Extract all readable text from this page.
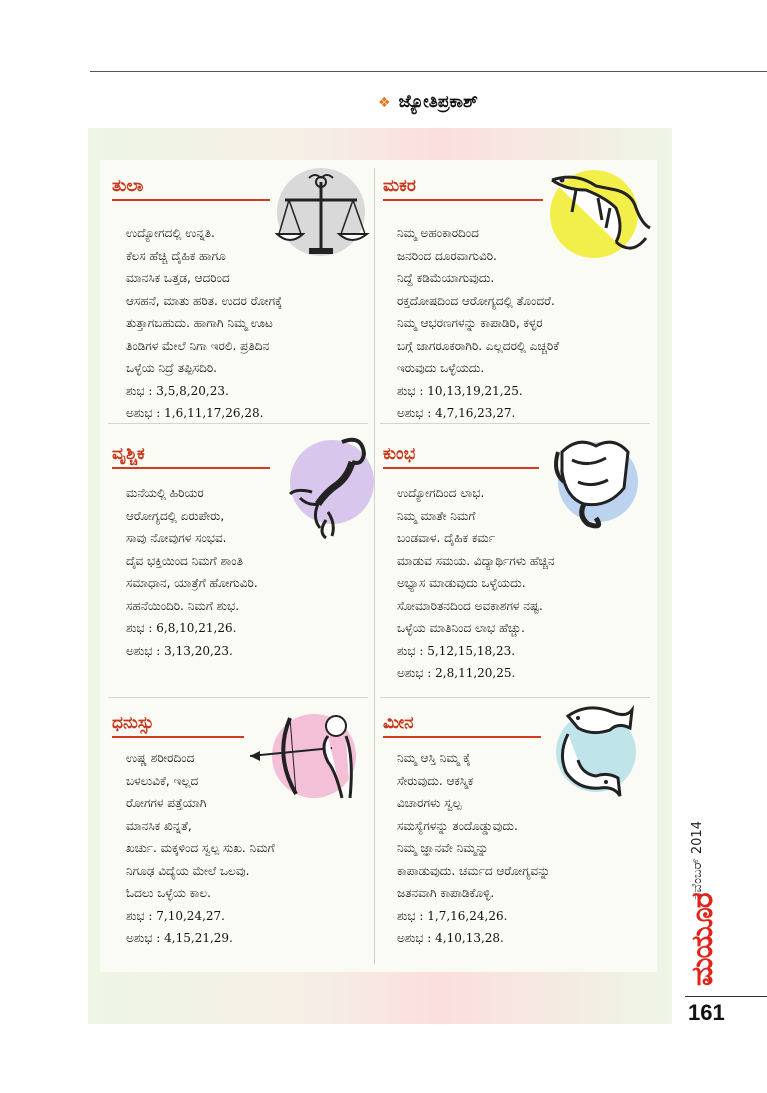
❖ ಜ್ಯೋತಿಪ್ರಕಾಶ್
ತುಲಾ
ಉದ್ಯೋಗದಲ್ಲಿ ಉನ್ನತಿ.
ಕೆಲಸ ಹೆಚ್ಚಿ ದೈಹಿಕ ಹಾಗೂ
ಮಾನಸಿಕ ಒತ್ತಡ, ಆದರಿಂದ
ಆಸಹನೆ, ಮಾತು ಹರಿತ. ಉದರ ರೋಗಕ್ಕೆ
ತುತ್ತಾಗಬಹುದು. ಹಾಗಾಗಿ ನಿಮ್ಮ ಊಟ
ತಿಂಡಿಗಳ ಮೇಲೆ ನಿಗಾ ಇರಲಿ. ಪ್ರತಿದಿನ
ಒಳ್ಳೆಯ ನಿದ್ರೆ ತಪ್ಪಿಸದಿರಿ.
ಶುಭ : 3,5,8,20,23.
ಅಶುಭ : 1,6,11,17,26,28.
ಮಕರ
ನಿಮ್ಮ ಅಹಂಕಾರದಿಂದ
ಜನರಿಂದ ದೂರವಾಗುವಿರಿ.
ನಿದ್ದೆ ಕಡಿಮೆಯಾಗುವುದು.
ರಕ್ತದೋಷದಿಂದ ಆರೋಗ್ಯದಲ್ಲಿ ತೊಂದರೆ.
ನಿಮ್ಮ ಆಭರಣಗಳನ್ನು ಕಾಪಾಡಿರಿ, ಕಳ್ಳರ
ಬಗ್ಗೆ ಜಾಗರೂಕರಾಗಿರಿ. ಎಲ್ಲದರಲ್ಲಿ ಎಚ್ಚರಿಕೆ
ಇರುವುದು ಒಳ್ಳೆಯದು.
ಶುಭ : 10,13,19,21,25.
ಅಶುಭ : 4,7,16,23,27.
ವೃಶ್ಚಿಕ
ಮನೆಯಲ್ಲಿ ಹಿರಿಯರ
ಆರೋಗ್ಯದಲ್ಲಿ ಏರುಪೇರು,
ಸಾವು ನೋವುಗಳ ಸಂಭವ.
ದೈವ ಭಕ್ತಿಯಿಂದ ನಿಮಗೆ ಶಾಂತಿ
ಸಮಾಧಾನ, ಯಾತ್ರೆಗೆ ಹೋಗುವಿರಿ.
ಸಹನೆಯಿಂದಿರಿ. ನಿಮಗೆ ಶುಭ.
ಶುಭ : 6,8,10,21,26.
ಅಶುಭ : 3,13,20,23.
ಕುಂಭ
ಉದ್ಯೋಗದಿಂದ ಲಾಭ.
ನಿಮ್ಮ ಮಾತೇ ನಿಮಗೆ
ಬಂಡವಾಳ. ದೈಹಿಕ ಕರ್ಮ
ಮಾಡುವ ಸಮಯ. ವಿದ್ಯಾರ್ಥಿಗಳು ಹೆಚ್ಚಿನ
ಅಭ್ಯಾಸ ಮಾಡುವುದು ಒಳ್ಳೆಯದು.
ಸೋಮಾರಿತನದಿಂದ ಅವಕಾಶಗಳ ನಷ್ಟ.
ಒಳ್ಳೆಯ ಮಾತಿನಿಂದ ಲಾಭ ಹೆಚ್ಚು.
ಶುಭ : 5,12,15,18,23.
ಅಶುಭ : 2,8,11,20,25.
ಧನುಸ್ಸು
ಉಷ್ಣ ಶರೀರದಿಂದ
ಬಳಲುವಿಕೆ, ಇಲ್ಲದ
ರೋಗಗಳ ಪತ್ತೆಯಾಗಿ
ಮಾನಸಿಕ ಖಿನ್ನತೆ,
ಖರ್ಚು. ಮಕ್ಕಳಿಂದ ಸ್ವಲ್ಪ ಸುಖ. ನಿಮಗೆ
ನಿಗೂಢ ವಿದ್ಯೆಯ ಮೇಲೆ ಒಲವು.
ಓದಲು ಒಳ್ಳೆಯ ಕಾಲ.
ಶುಭ : 7,10,24,27.
ಅಶುಭ : 4,15,21,29.
ಮೀನ
ನಿಮ್ಮ ಆಸ್ತಿ ನಿಮ್ಮ ಕೈ
ಸೇರುವುದು. ಆಕಸ್ಮಿಕ
ವಿಚಾರಗಳು ಸ್ವಲ್ಪ
ಸಮಸ್ಯೆಗಳನ್ನು ತಂದೊಡ್ಡುವುದು.
ನಿಮ್ಮ ಜ್ಞಾನವೇ ನಿಮ್ಮನ್ನು
ಕಾಪಾಡುವುದು. ಚರ್ಮದ ಆರೋಗ್ಯವನ್ನು
ಜತನವಾಗಿ ಕಾಪಾಡಿಕೊಳ್ಳಿ.
ಶುಭ : 1,7,16,24,26.
ಅಶುಭ : 4,10,13,28.
ನವೆಂಬರ್ 2014
ಮಯೂರ
161
